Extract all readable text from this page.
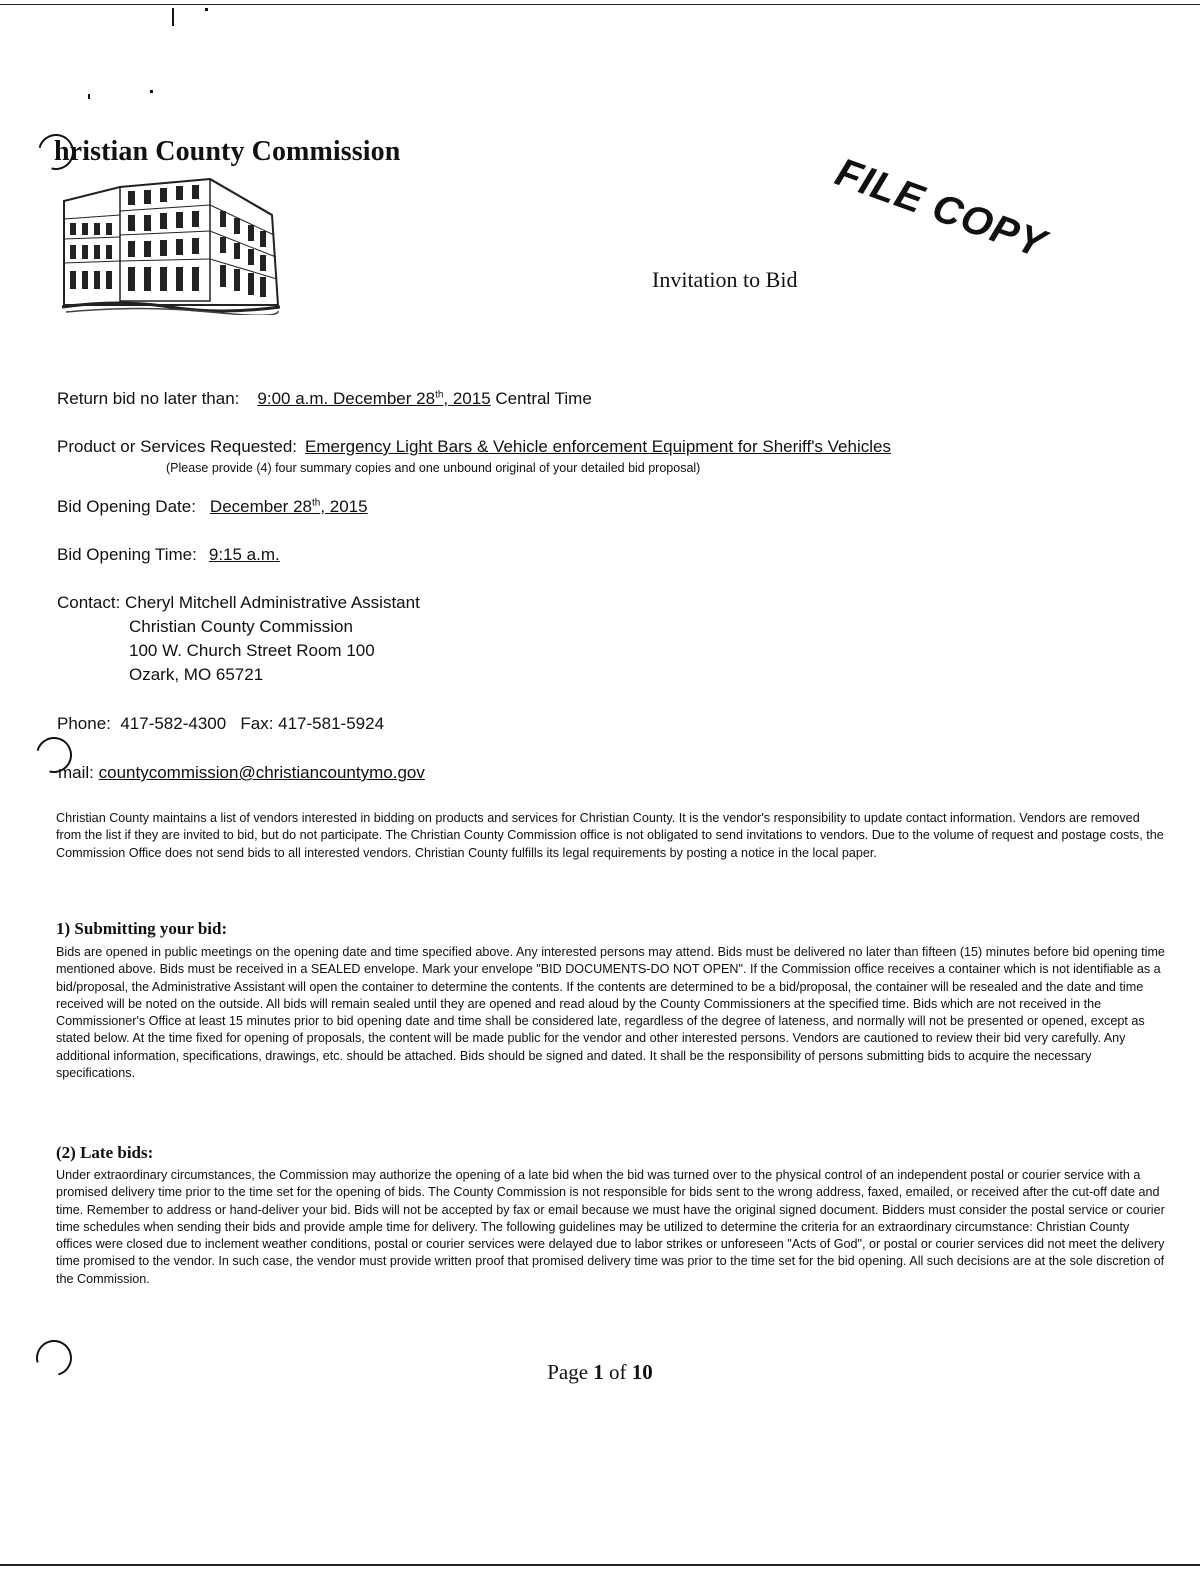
hristian County Commission	FILE COPY
Invitation to Bid
Return bid no later than: 9:00 a.m. December 28th, 2015 Central Time
Product or Services Requested: Emergency Light Bars & Vehicle enforcement Equipment for Sheriff's Vehicles
(Please provide (4) four summary copies and one unbound original of your detailed bid proposal)
Bid Opening Date: December 28th, 2015
Bid Opening Time: 9:15 a.m.
Contact: Cheryl Mitchell Administrative Assistant
Christian County Commission
100 W. Church Street Room 100
Ozark, MO 65721
Phone:  417-582-4300   Fax: 417-581-5924
mail: countycommission@christiancountymo.gov
Christian County maintains a list of vendors interested in bidding on products and services for Christian County. It is the vendor's responsibility to update contact information. Vendors are removed from the list if they are invited to bid, but do not participate. The Christian County Commission office is not obligated to send invitations to vendors. Due to the volume of request and postage costs, the Commission Office does not send bids to all interested vendors. Christian County fulfills its legal requirements by posting a notice in the local paper.
1) Submitting your bid:
Bids are opened in public meetings on the opening date and time specified above. Any interested persons may attend. Bids must be delivered no later than fifteen (15) minutes before bid opening time mentioned above. Bids must be received in a SEALED envelope. Mark your envelope "BID DOCUMENTS-DO NOT OPEN". If the Commission office receives a container which is not identifiable as a bid/proposal, the Administrative Assistant will open the container to determine the contents. If the contents are determined to be a bid/proposal, the container will be resealed and the date and time received will be noted on the outside. All bids will remain sealed until they are opened and read aloud by the County Commissioners at the specified time. Bids which are not received in the Commissioner's Office at least 15 minutes prior to bid opening date and time shall be considered late, regardless of the degree of lateness, and normally will not be presented or opened, except as stated below. At the time fixed for opening of proposals, the content will be made public for the vendor and other interested persons. Vendors are cautioned to review their bid very carefully. Any additional information, specifications, drawings, etc. should be attached. Bids should be signed and dated. It shall be the responsibility of persons submitting bids to acquire the necessary specifications.
(2) Late bids:
Under extraordinary circumstances, the Commission may authorize the opening of a late bid when the bid was turned over to the physical control of an independent postal or courier service with a promised delivery time prior to the time set for the opening of bids. The County Commission is not responsible for bids sent to the wrong address, faxed, emailed, or received after the cut-off date and time. Remember to address or hand-deliver your bid. Bids will not be accepted by fax or email because we must have the original signed document. Bidders must consider the postal service or courier time schedules when sending their bids and provide ample time for delivery. The following guidelines may be utilized to determine the criteria for an extraordinary circumstance: Christian County offices were closed due to inclement weather conditions, postal or courier services were delayed due to labor strikes or unforeseen "Acts of God", or postal or courier services did not meet the delivery time promised to the vendor. In such case, the vendor must provide written proof that promised delivery time was prior to the time set for the bid opening. All such decisions are at the sole discretion of the Commission.
Page 1 of 10
